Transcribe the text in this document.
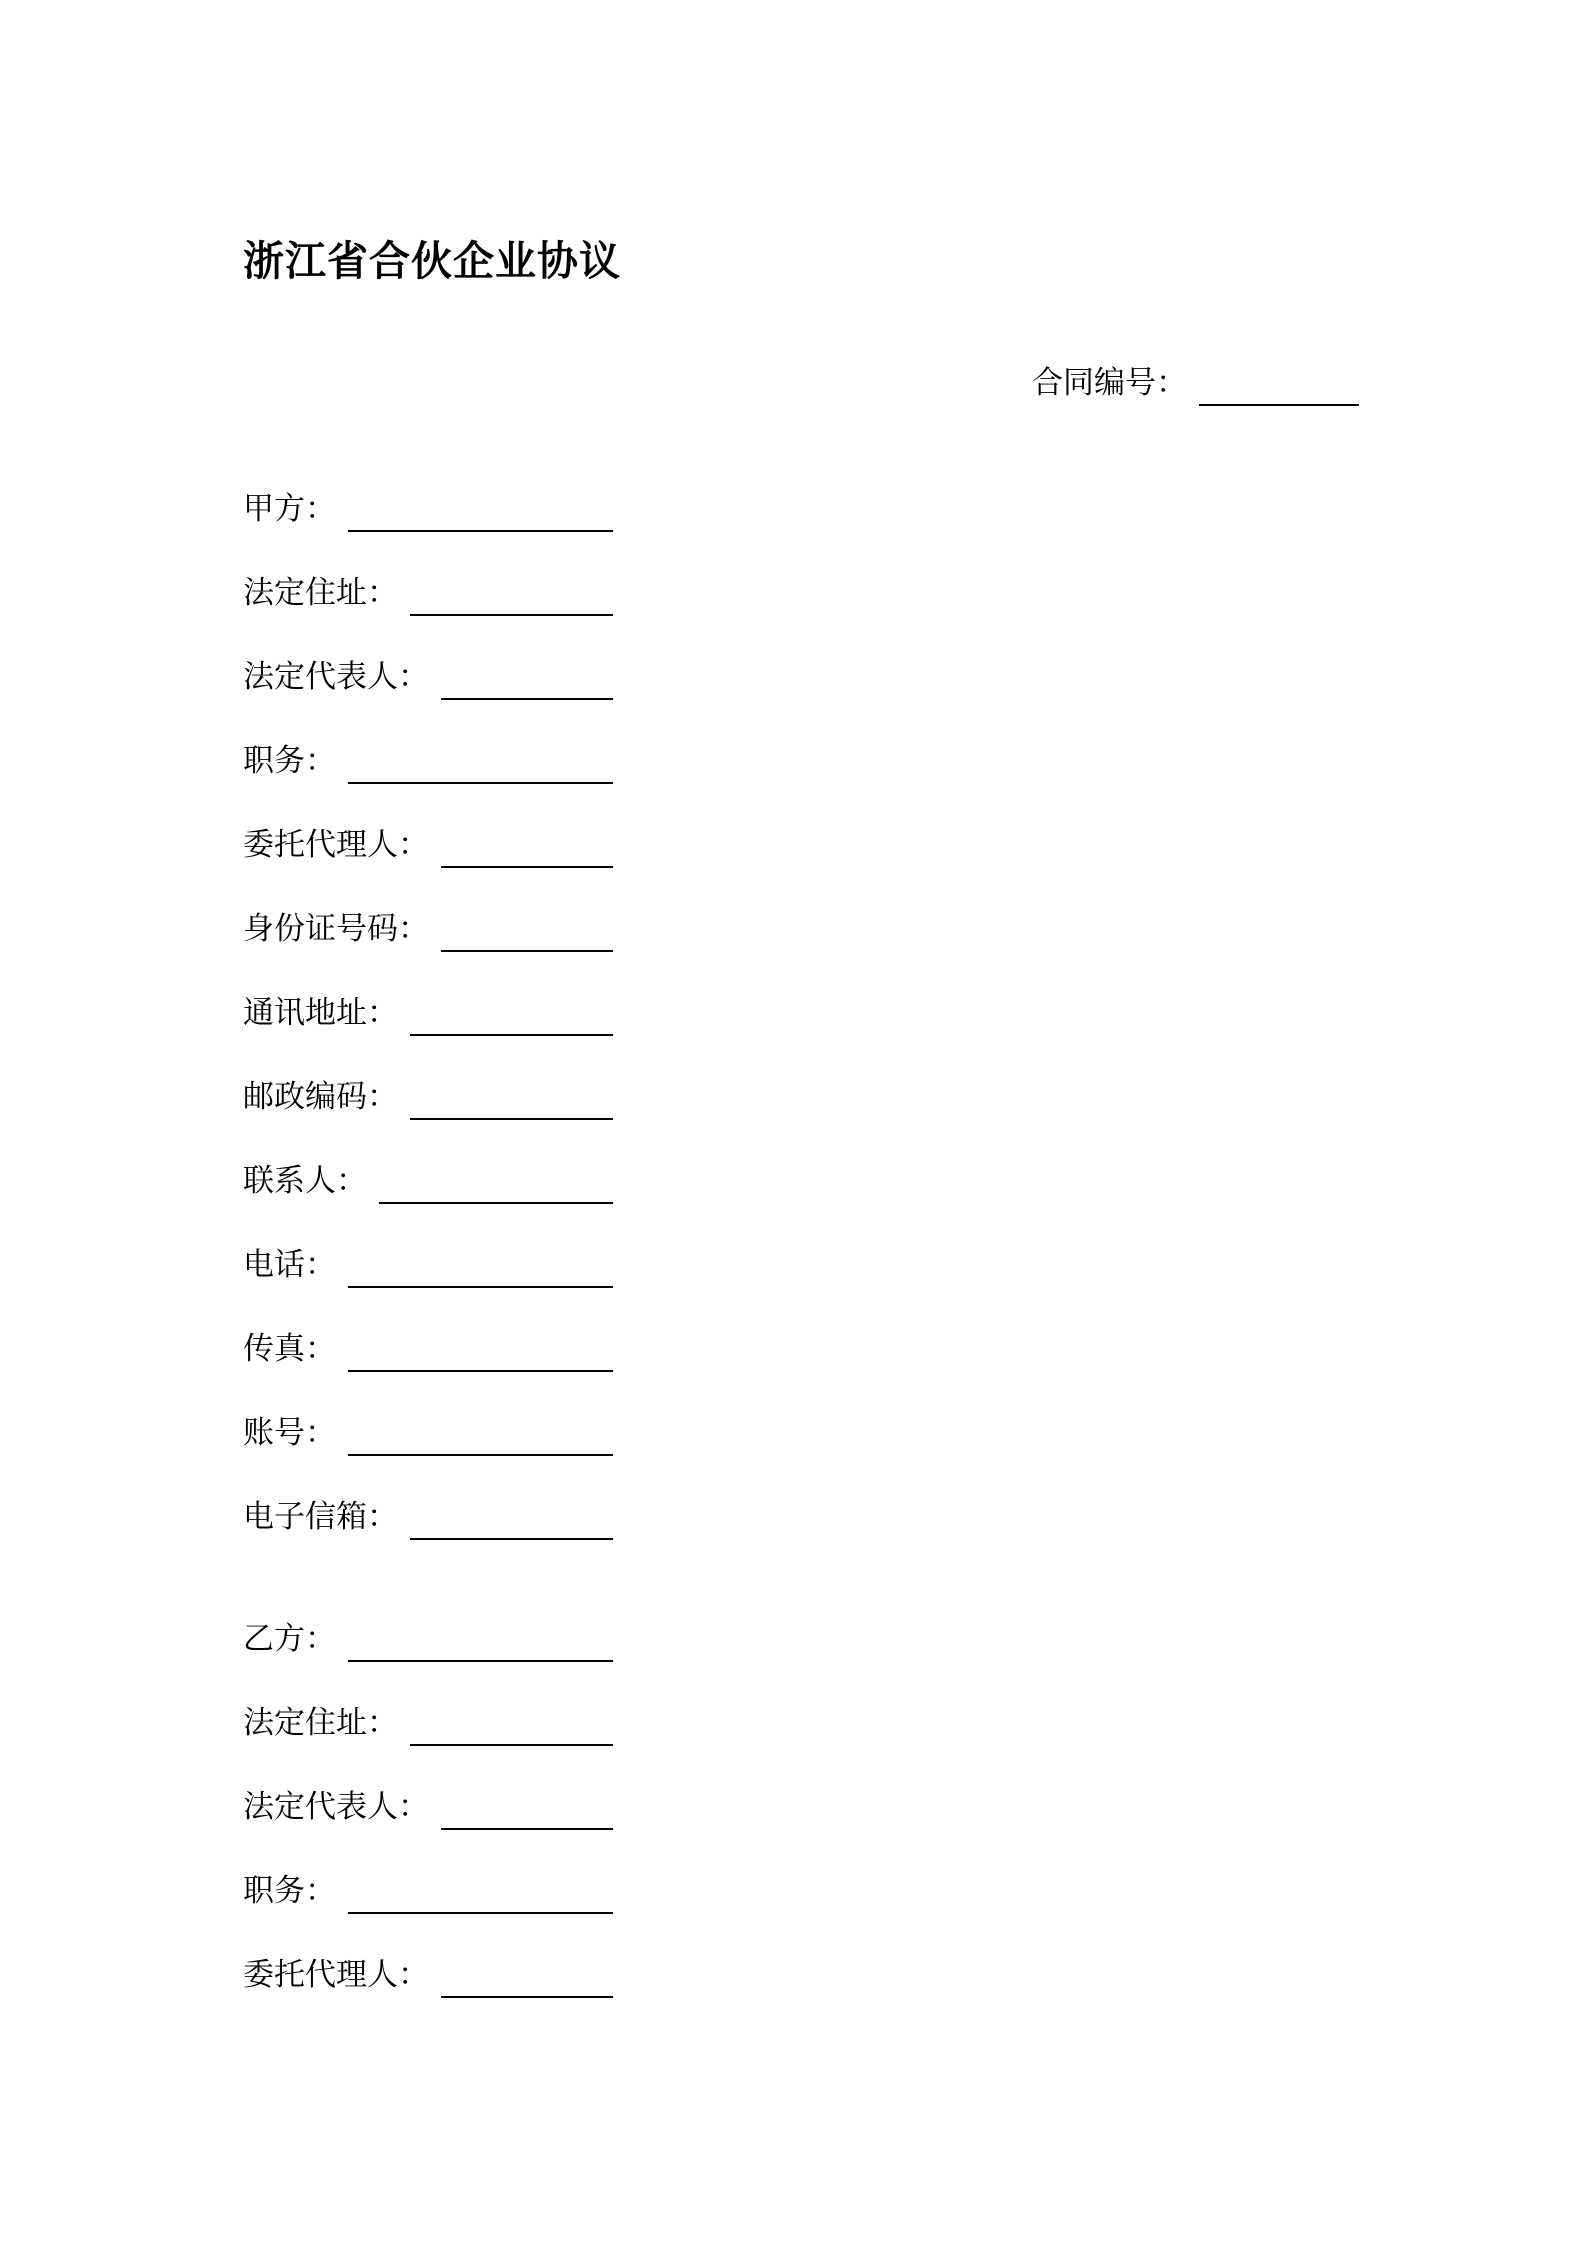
浙江省合伙企业协议
合同编号：
甲方：
法定住址：
法定代表人：
职务：
委托代理人：
身份证号码：
通讯地址：
邮政编码：
联系人：
电话：
传真：
账号：
电子信箱：
乙方：
法定住址：
法定代表人：
职务：
委托代理人：
